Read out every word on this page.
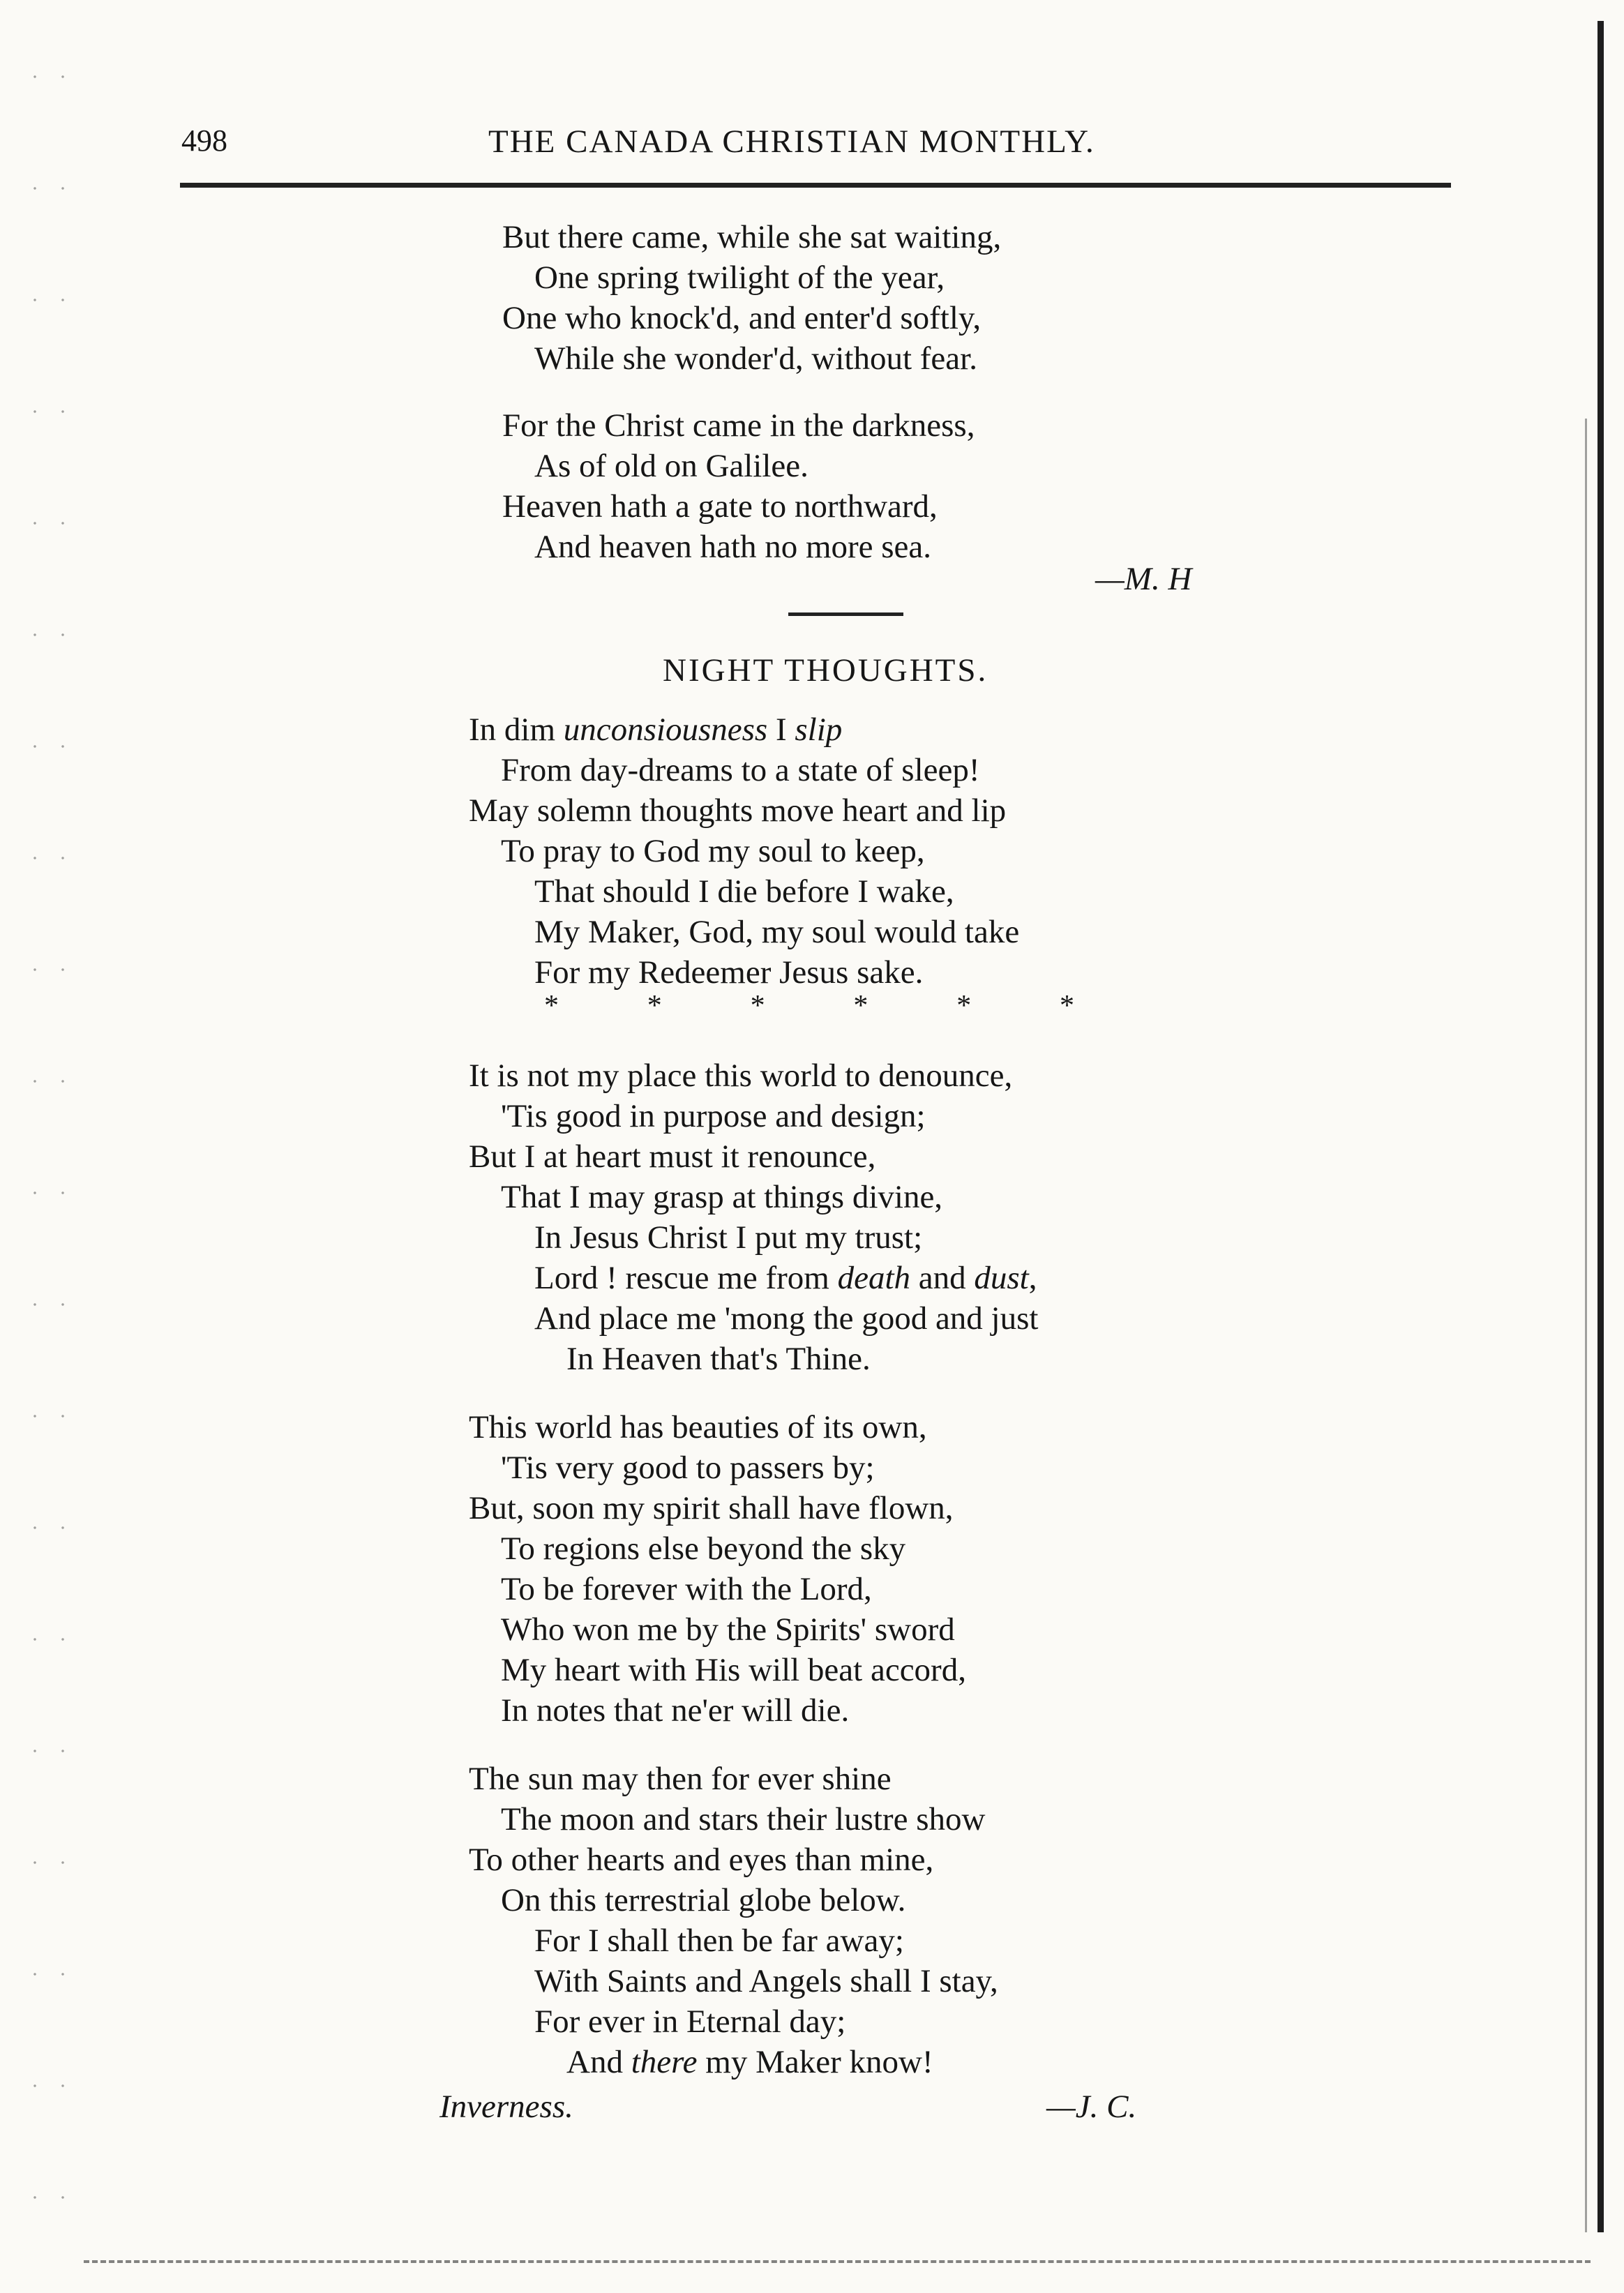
498	THE CANADA CHRISTIAN MONTHLY.
But there came, while she sat waiting,
One spring twilight of the year,
One who knock'd, and enter'd softly,
While she wonder'd, without fear.
For the Christ came in the darkness,
As of old on Galilee.
Heaven hath a gate to northward,
And heaven hath no more sea.
—M. H
NIGHT THOUGHTS.
In dim unconsiousness I slip
From day-dreams to a state of sleep!
May solemn thoughts move heart and lip
To pray to God my soul to keep,
That should I die before I wake,
My Maker, God, my soul would take
For my Redeemer Jesus sake.
*	*	*	*	*	*
It is not my place this world to denounce,
'Tis good in purpose and design;
But I at heart must it renounce,
That I may grasp at things divine,
In Jesus Christ I put my trust;
Lord ! rescue me from death and dust,
And place me 'mong the good and just
In Heaven that's Thine.
This world has beauties of its own,
'Tis very good to passers by;
But, soon my spirit shall have flown,
To regions else beyond the sky
To be forever with the Lord,
Who won me by the Spirits' sword
My heart with His will beat accord,
In notes that ne'er will die.
The sun may then for ever shine
The moon and stars their lustre show
To other hearts and eyes than mine,
On this terrestrial globe below.
For I shall then be far away;
With Saints and Angels shall I stay,
For ever in Eternal day;
And there my Maker know!
Inverness.	—J. C.
